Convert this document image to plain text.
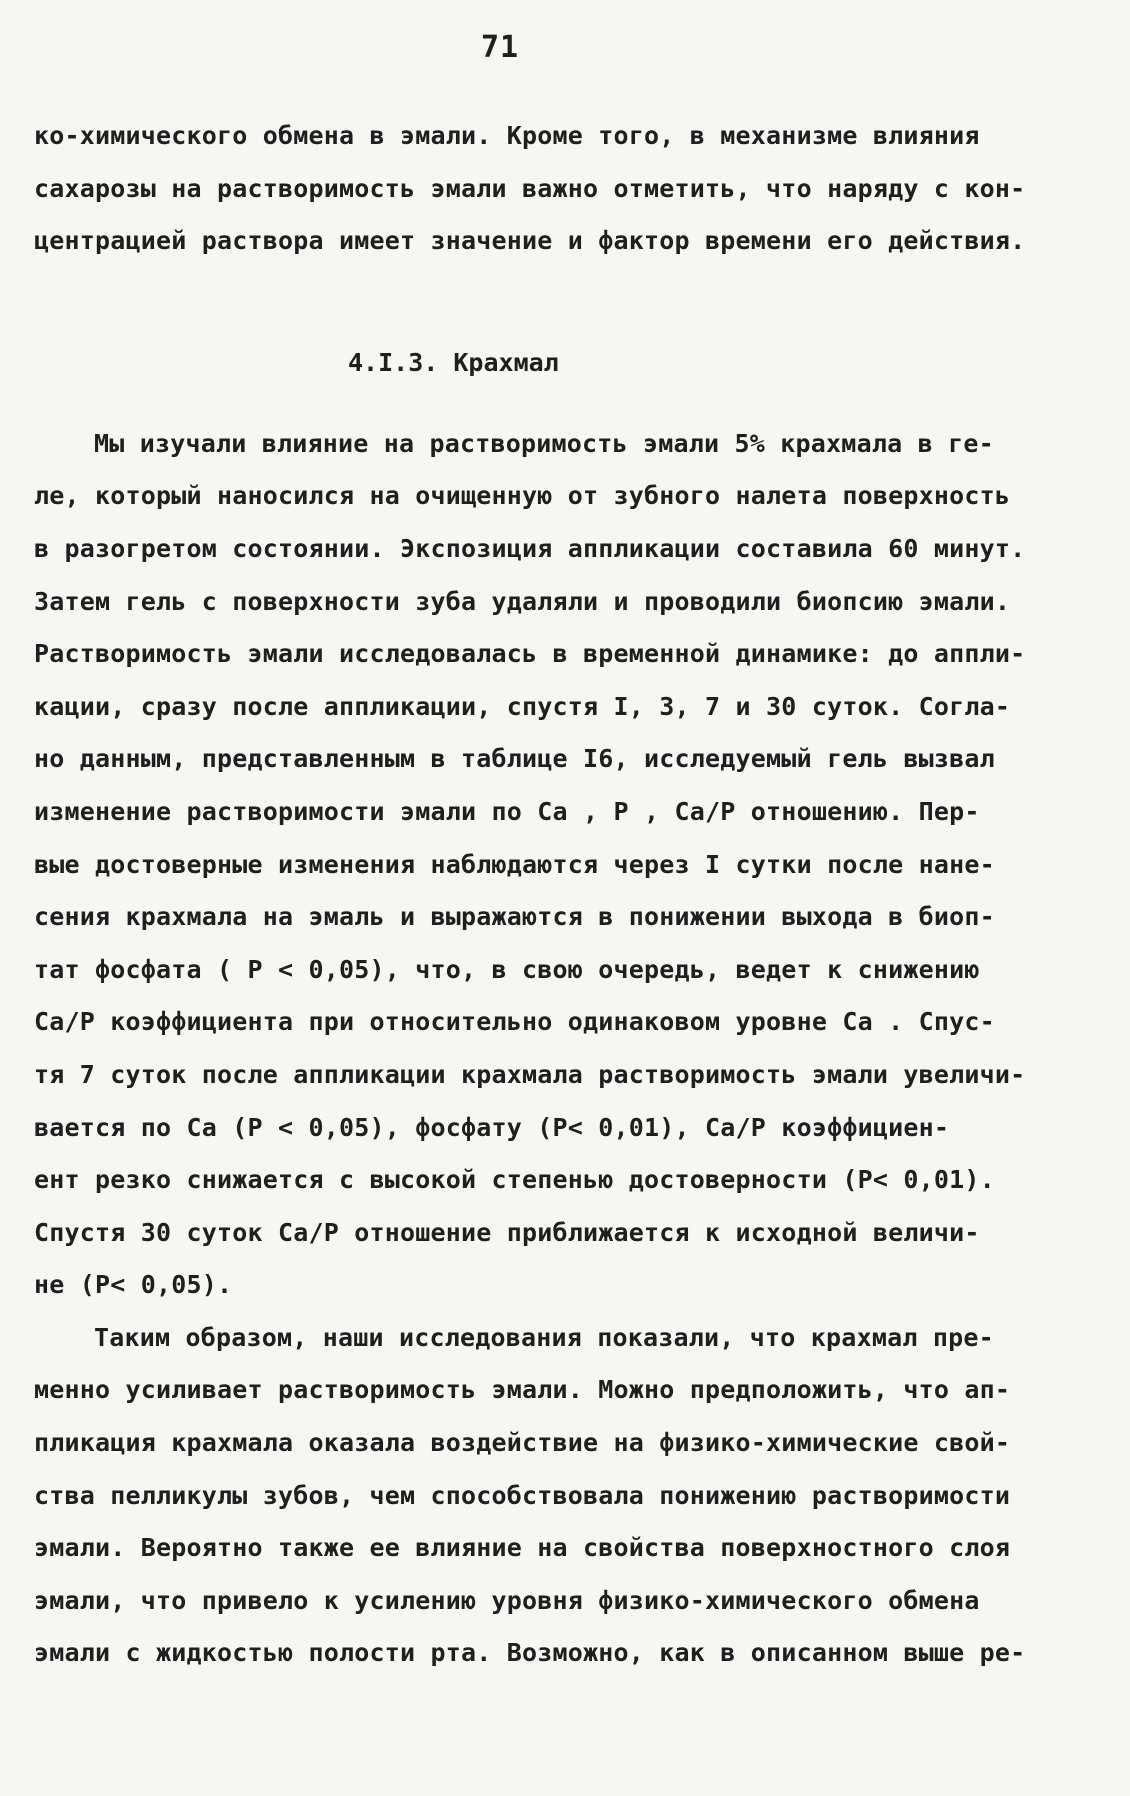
71
ко-химического обмена в эмали. Кроме того, в механизме влияния
сахарозы на растворимость эмали важно отметить, что наряду с кон-
центрацией раствора имеет значение и фактор времени его действия.
4.I.3. Крахмал
Мы изучали влияние на растворимость эмали 5% крахмала в ге-
ле, который наносился на очищенную от зубного налета поверхность
в разогретом состоянии. Экспозиция аппликации составила 60 минут.
Затем гель с поверхности зуба удаляли и проводили биопсию эмали.
Растворимость эмали исследовалась в временной динамике: до аппли-
кации, сразу после аппликации, спустя I, 3, 7 и 30 суток. Согла-
но данным, представленным в таблице I6, исследуемый гель вызвал
изменение растворимости эмали по Ca , P , Ca/P отношению. Пер-
вые достоверные изменения наблюдаются через I сутки после нане-
сения крахмала на эмаль и выражаются в понижении выхода в биоп-
тат фосфата ( P < 0,05), что, в свою очередь, ведет к снижению
Ca/P коэффициента при относительно одинаковом уровне Ca . Спус-
тя 7 суток после аппликации крахмала растворимость эмали увеличи-
вается по Ca (P < 0,05), фосфату (P< 0,01), Ca/P коэффициен-
ент резко снижается с высокой степенью достоверности (P< 0,01).
Спустя 30 суток Ca/P отношение приближается к исходной величи-
не (P< 0,05).
Таким образом, наши исследования показали, что крахмал пре-
менно усиливает растворимость эмали. Можно предположить, что ап-
пликация крахмала оказала воздействие на физико-химические свой-
ства пелликулы зубов, чем способствовала понижению растворимости
эмали. Вероятно также ее влияние на свойства поверхностного слоя
эмали, что привело к усилению уровня физико-химического обмена
эмали с жидкостью полости рта. Возможно, как в описанном выше ре-
